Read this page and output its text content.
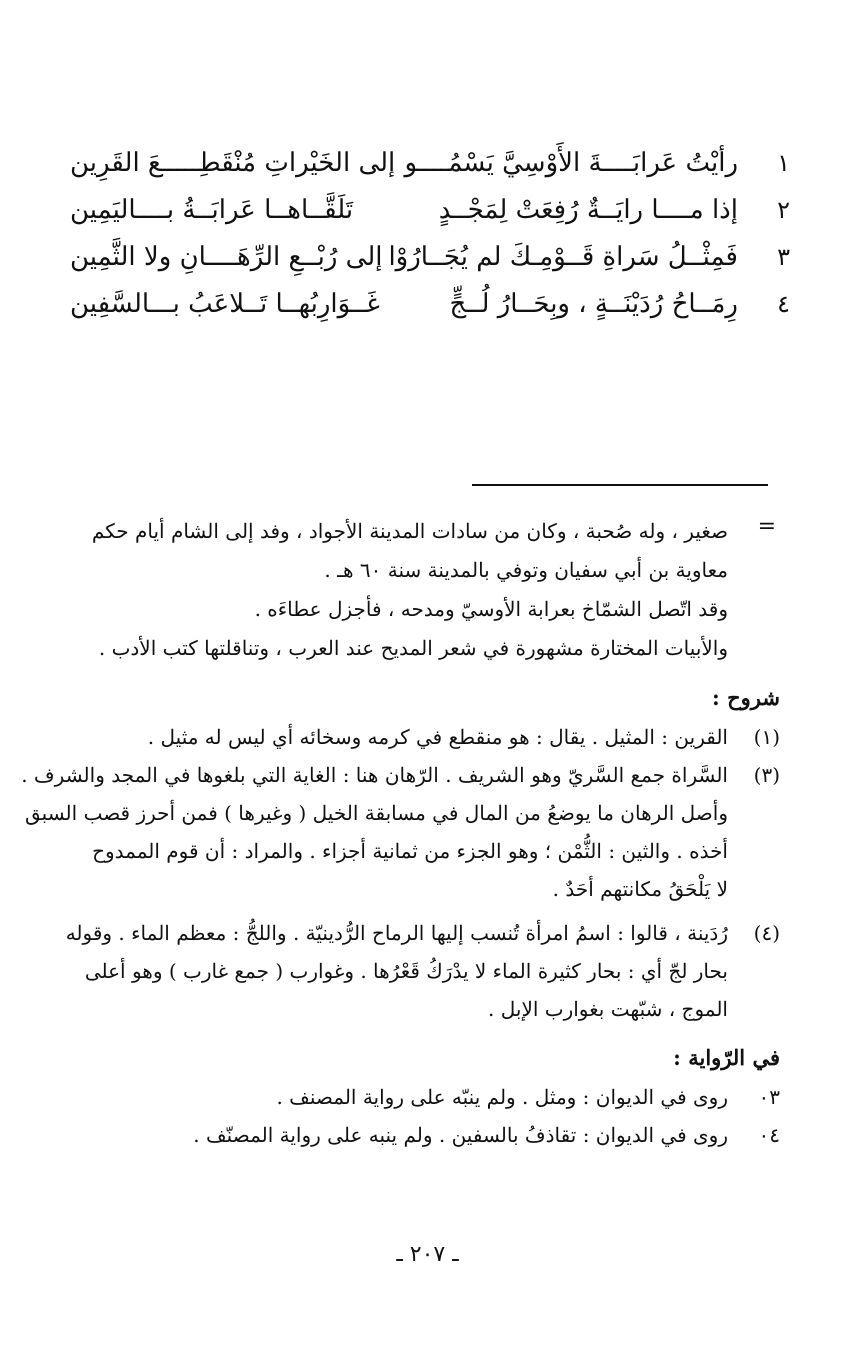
١
رأيْتُ عَرابَــــةَ الأَوْسِيَّ يَسْمُــــو
إلى الخَيْراتِ مُنْقَطِـــــعَ القَرِين
٢
إذا مــــا رايَــةٌ رُفِعَتْ لِمَجْــدٍ
تَلَقَّــاهــا عَرابَــةُ بــــاليَمِين
٣
فَمِثْــلُ سَراةِ قَــوْمِـكَ لم يُجَــارُوْا
إلى رُبْــعِ الرِّهَــــانِ ولا الثَّمِين
٤
رِمَــاحُ رُدَيْنَــةٍ ، وبِحَــارُ لُــجٍّ
غَــوَارِبُهــا تَــلاعَبُ بـــالسَّفِين
=
صغير ، وله صُحبة ، وكان من سادات المدينة الأجواد ، وفد إلى الشام أيام حكم
معاوية بن أبي سفيان وتوفي بالمدينة سنة ٦٠ هـ .
وقد اتّصل الشمّاخ بعرابة الأوسيّ ومدحه ، فأجزل عطاءَه .
والأبيات المختارة مشهورة في شعر المديح عند العرب ، وتناقلتها كتب الأدب .
شروح :
(١)
القرين : المثيل . يقال : هو منقطع في كرمه وسخائه أي ليس له مثيل .
(٣)
السَّراة جمع السَّريّ وهو الشريف . الرّهان هنا : الغاية التي بلغوها في المجد والشرف .
وأصل الرهان ما يوضعُ من المال في مسابقة الخيل ( وغيرها ) فمن أحرز قصب السبق
أخذه . والثين : الثُّمْن ؛ وهو الجزء من ثمانية أجزاء . والمراد : أن قوم الممدوح
لا يَلْحَقُ مكانتهم أحَدٌ .
(٤)
رُدَينة ، قالوا : اسمُ امرأة تُنسب إليها الرماح الرُّدينيّة . واللجُّ : معظم الماء . وقوله
بحار لجّ أي : بحار كثيرة الماء لا يدْرَكُ قَعْرُها . وغوارب ( جمع غارب ) وهو أعلى
الموج ، شبّهت بغوارب الإبل .
في الرّواية :
٠٣
روى في الديوان : ومثل . ولم ينبّه على رواية المصنف .
٠٤
روى في الديوان : تقاذفُ بالسفين . ولم ينبه على رواية المصنّف .
ـ ٢٠٧ ـ
